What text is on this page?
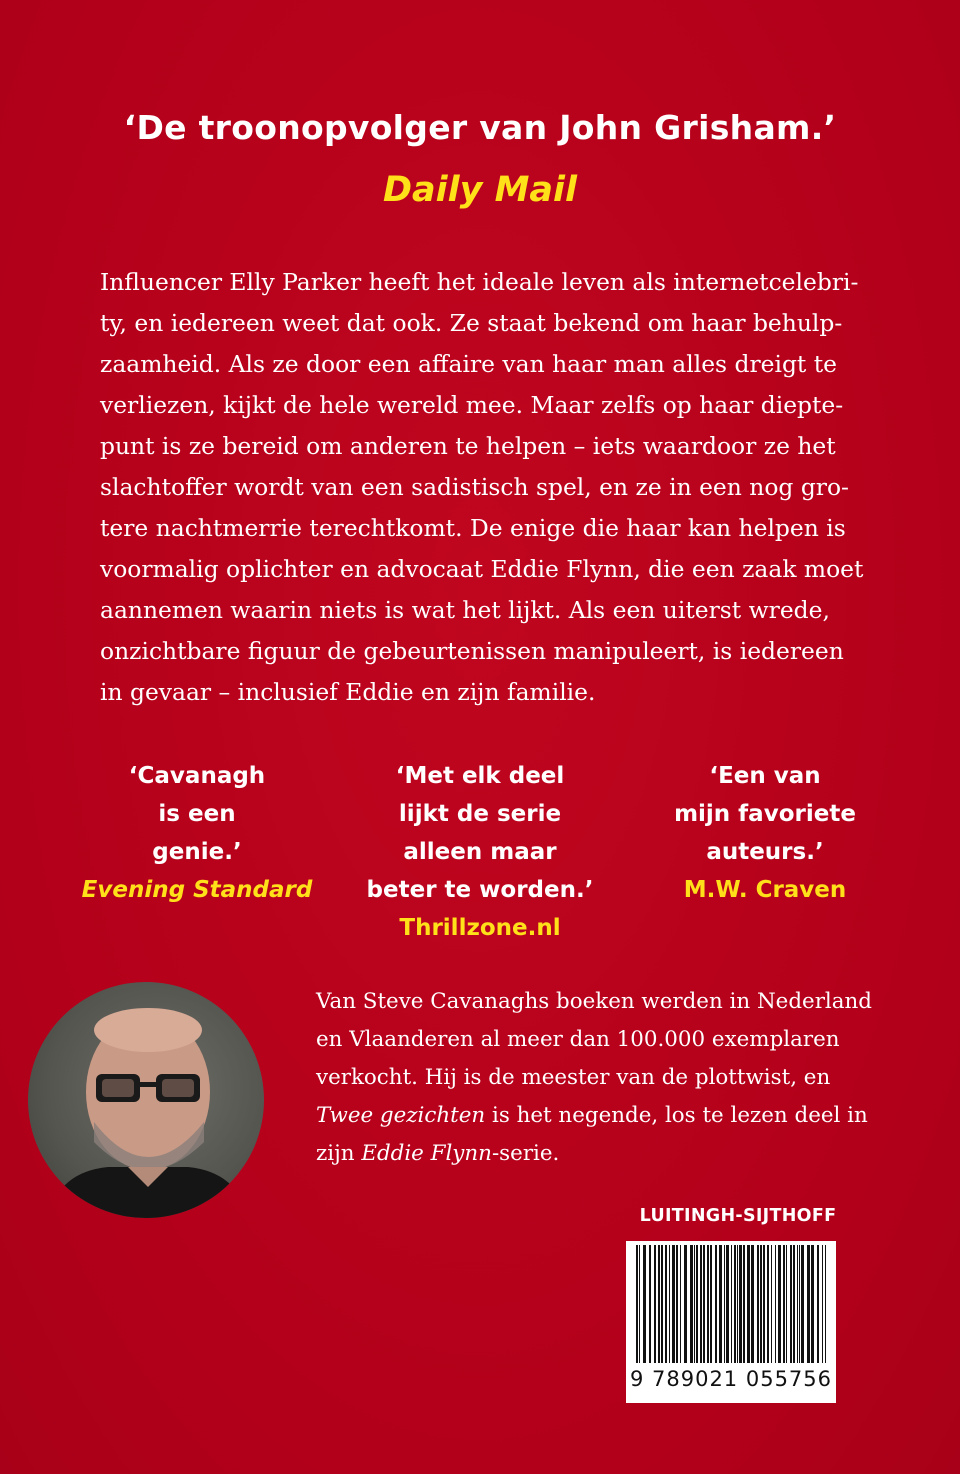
‘De troonopvolger van John Grisham.’
Daily Mail
Influencer Elly Parker heeft het ideale leven als internetcelebri-
ty, en iedereen weet dat ook. Ze staat bekend om haar behulp-
zaamheid. Als ze door een affaire van haar man alles dreigt te
verliezen, kijkt de hele wereld mee. Maar zelfs op haar diepte-
punt is ze bereid om anderen te helpen – iets waardoor ze het
slachtoffer wordt van een sadistisch spel, en ze in een nog gro-
tere nachtmerrie terechtkomt. De enige die haar kan helpen is
voormalig oplichter en advocaat Eddie Flynn, die een zaak moet
aannemen waarin niets is wat het lijkt. Als een uiterst wrede,
onzichtbare figuur de gebeurtenissen manipuleert, is iedereen
in gevaar – inclusief Eddie en zijn familie.
‘Cavanagh
is een
genie.’
Evening Standard
‘Met elk deel
lijkt de serie
alleen maar
beter te worden.’
Thrillzone.nl
‘Een van
mijn favoriete
auteurs.’
M.W. Craven
Van Steve Cavanaghs boeken werden in Nederland
en Vlaanderen al meer dan 100.000 exemplaren
verkocht. Hij is de meester van de plottwist, en
Twee gezichten is het negende, los te lezen deel in
zijn Eddie Flynn-serie.
LUITINGH-SIJTHOFF
9 789021 055756
